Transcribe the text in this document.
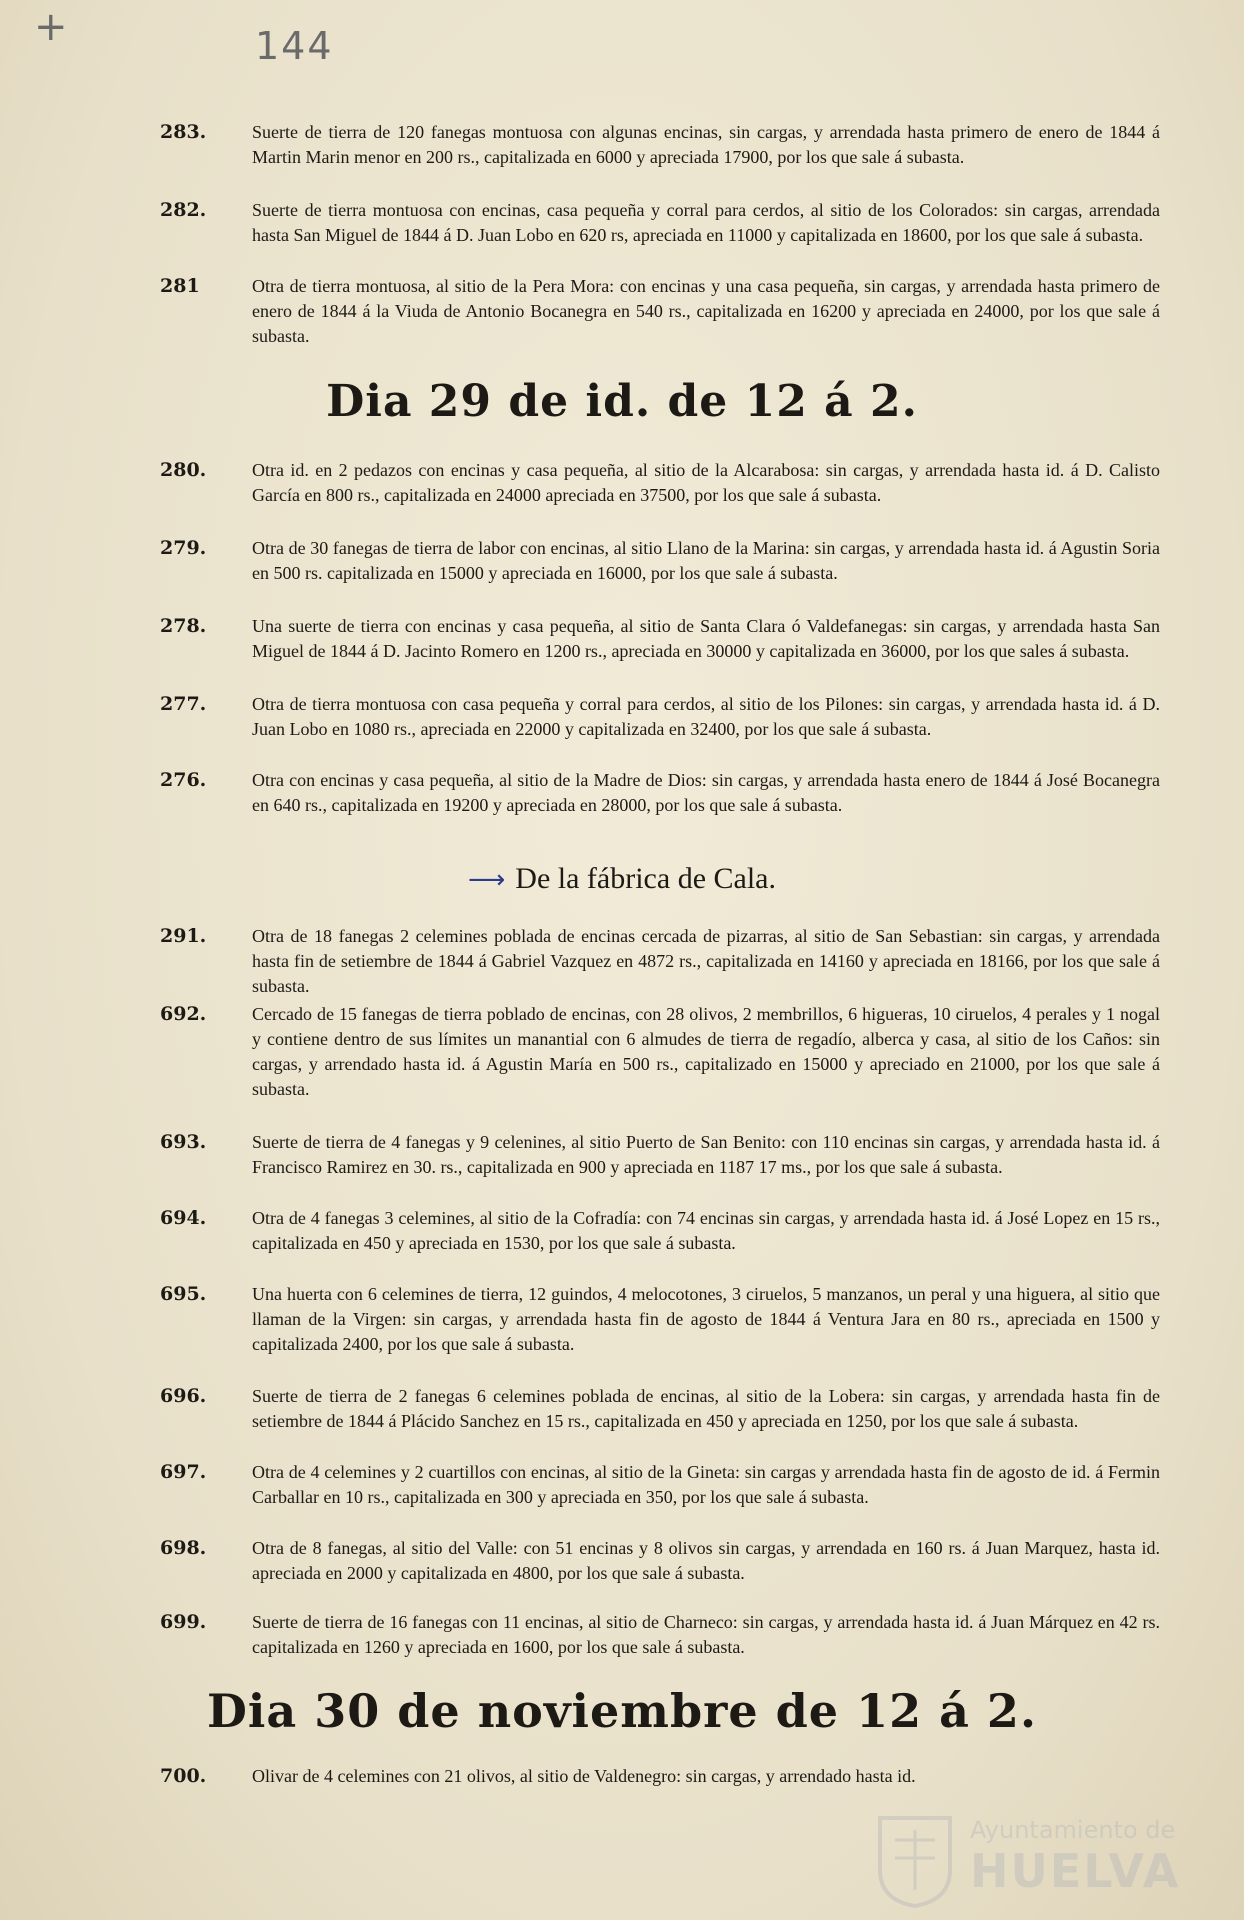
+	144
283.	Suerte de tierra de 120 fanegas montuosa con algunas encinas, sin cargas, y arrendada hasta primero de enero de 1844 á Martin Marin menor en 200 rs., capitalizada en 6000 y apreciada 17900, por los que sale á subasta.
282.	Suerte de tierra montuosa con encinas, casa pequeña y corral para cerdos, al sitio de los Colorados: sin cargas, arrendada hasta San Miguel de 1844 á D. Juan Lobo en 620 rs, apreciada en 11000 y capitalizada en 18600, por los que sale á subasta.
281	Otra de tierra montuosa, al sitio de la Pera Mora: con encinas y una casa pequeña, sin cargas, y arrendada hasta primero de enero de 1844 á la Viuda de Antonio Bocanegra en 540 rs., capitalizada en 16200 y apreciada en 24000, por los que sale á subasta.
Dia 29 de id. de 12 á 2.
280.	Otra id. en 2 pedazos con encinas y casa pequeña, al sitio de la Alcarabosa: sin cargas, y arrendada hasta id. á D. Calisto García en 800 rs., capitalizada en 24000 apreciada en 37500, por los que sale á subasta.
279.	Otra de 30 fanegas de tierra de labor con encinas, al sitio Llano de la Marina: sin cargas, y arrendada hasta id. á Agustin Soria en 500 rs. capitalizada en 15000 y apreciada en 16000, por los que sale á subasta.
278.	Una suerte de tierra con encinas y casa pequeña, al sitio de Santa Clara ó Valdefanegas: sin cargas, y arrendada hasta San Miguel de 1844 á D. Jacinto Romero en 1200 rs., apreciada en 30000 y capitalizada en 36000, por los que sales á subasta.
277.	Otra de tierra montuosa con casa pequeña y corral para cerdos, al sitio de los Pilones: sin cargas, y arrendada hasta id. á D. Juan Lobo en 1080 rs., apreciada en 22000 y capitalizada en 32400, por los que sale á subasta.
276.	Otra con encinas y casa pequeña, al sitio de la Madre de Dios: sin cargas, y arrendada hasta enero de 1844 á José Bocanegra en 640 rs., capitalizada en 19200 y apreciada en 28000, por los que sale á subasta.
⟶ De la fábrica de Cala.
291.	Otra de 18 fanegas 2 celemines poblada de encinas cercada de pizarras, al sitio de San Sebastian: sin cargas, y arrendada hasta fin de setiembre de 1844 á Gabriel Vazquez en 4872 rs., capitalizada en 14160 y apreciada en 18166, por los que sale á subasta.
692.	Cercado de 15 fanegas de tierra poblado de encinas, con 28 olivos, 2 membrillos, 6 higueras, 10 ciruelos, 4 perales y 1 nogal y contiene dentro de sus límites un manantial con 6 almudes de tierra de regadío, alberca y casa, al sitio de los Caños: sin cargas, y arrendado hasta id. á Agustin María en 500 rs., capitalizado en 15000 y apreciado en 21000, por los que sale á subasta.
693.	Suerte de tierra de 4 fanegas y 9 celenines, al sitio Puerto de San Benito: con 110 encinas sin cargas, y arrendada hasta id. á Francisco Ramirez en 30. rs., capitalizada en 900 y apreciada en 1187 17 ms., por los que sale á subasta.
694.	Otra de 4 fanegas 3 celemines, al sitio de la Cofradía: con 74 encinas sin cargas, y arrendada hasta id. á José Lopez en 15 rs., capitalizada en 450 y apreciada en 1530, por los que sale á subasta.
695.	Una huerta con 6 celemines de tierra, 12 guindos, 4 melocotones, 3 ciruelos, 5 manzanos, un peral y una higuera, al sitio que llaman de la Virgen: sin cargas, y arrendada hasta fin de agosto de 1844 á Ventura Jara en 80 rs., apreciada en 1500 y capitalizada 2400, por los que sale á subasta.
696.	Suerte de tierra de 2 fanegas 6 celemines poblada de encinas, al sitio de la Lobera: sin cargas, y arrendada hasta fin de setiembre de 1844 á Plácido Sanchez en 15 rs., capitalizada en 450 y apreciada en 1250, por los que sale á subasta.
697.	Otra de 4 celemines y 2 cuartillos con encinas, al sitio de la Gineta: sin cargas y arrendada hasta fin de agosto de id. á Fermin Carballar en 10 rs., capitalizada en 300 y apreciada en 350, por los que sale á subasta.
698.	Otra de 8 fanegas, al sitio del Valle: con 51 encinas y 8 olivos sin cargas, y arrendada en 160 rs. á Juan Marquez, hasta id. apreciada en 2000 y capitalizada en 4800, por los que sale á subasta.
699.	Suerte de tierra de 16 fanegas con 11 encinas, al sitio de Charneco: sin cargas, y arrendada hasta id. á Juan Márquez en 42 rs. capitalizada en 1260 y apreciada en 1600, por los que sale á subasta.
Dia 30 de noviembre de 12 á 2.
700.	Olivar de 4 celemines con 21 olivos, al sitio de Valdenegro: sin cargas, y arrendado hasta id.
Ayuntamiento de
HUELVA
